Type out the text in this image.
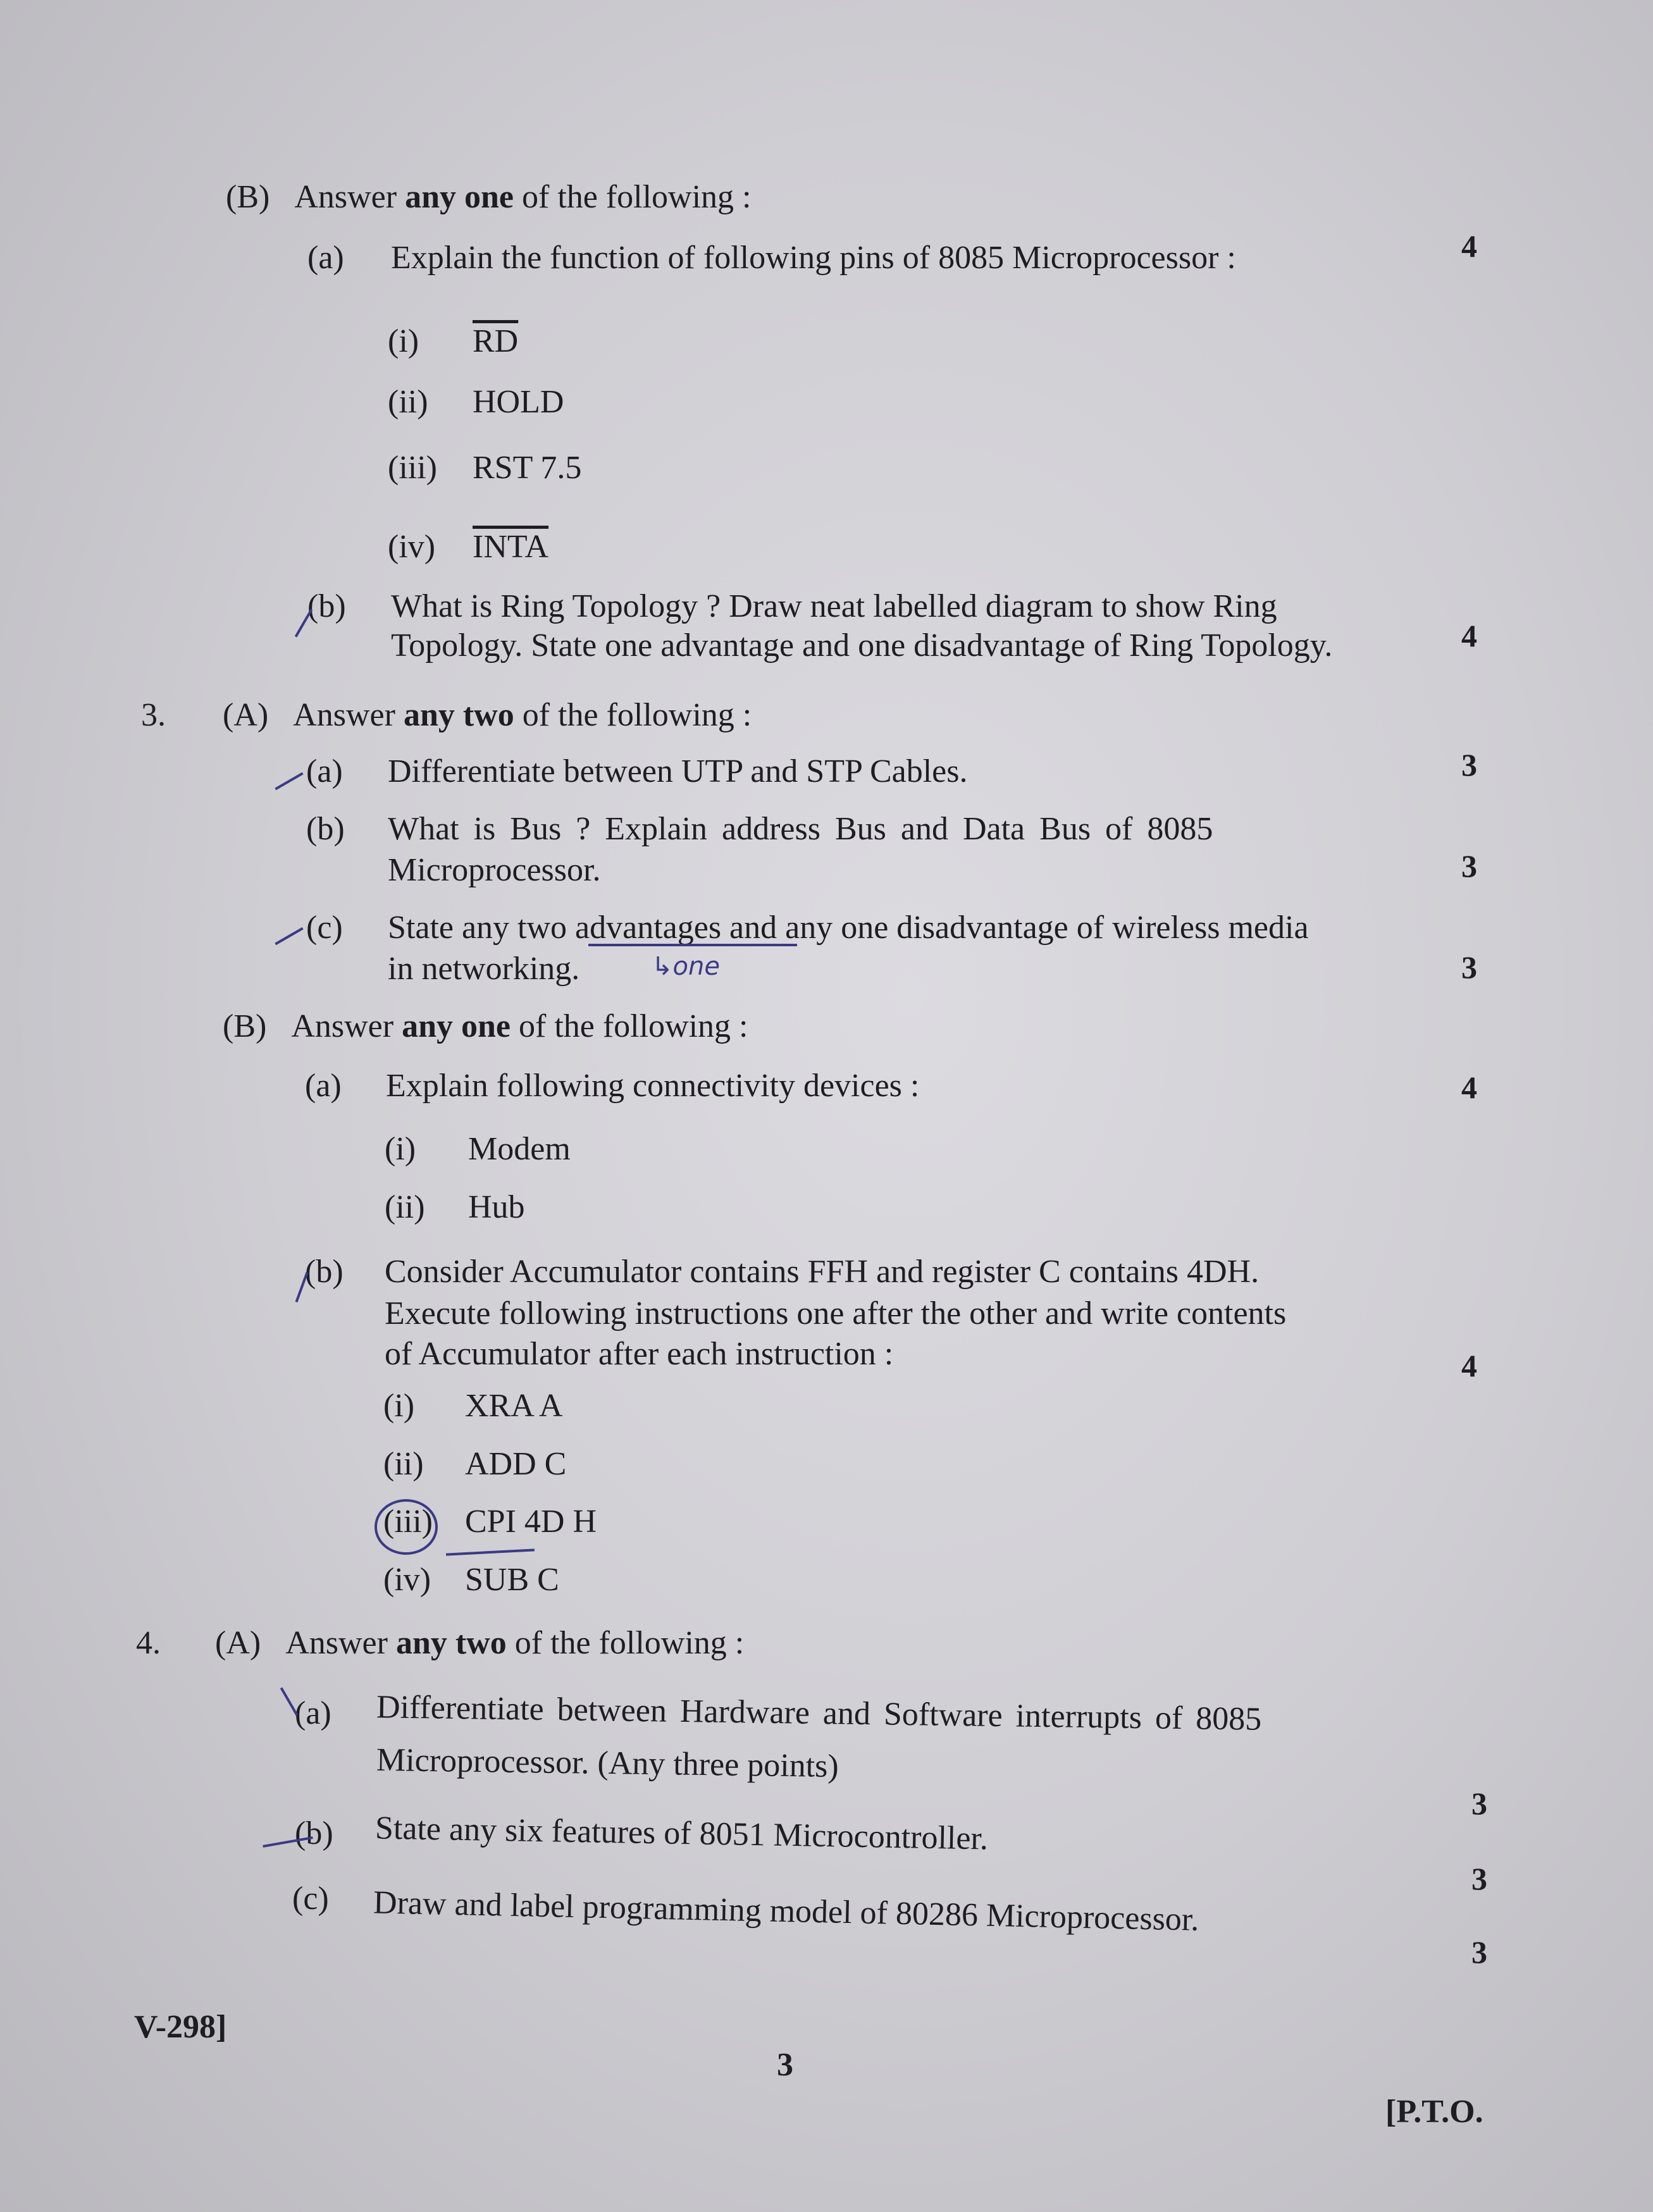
(B) Answer any one of the following :
(a) Explain the function of following pins of 8085 Microprocessor :	4
(i) $\overline{RD}$
(ii) HOLD
(iii) RST 7.5
(iv) INTA
(b) What is Ring Topology ? Draw neat labelled diagram to show Ring
Topology. State one advantage and one disadvantage of Ring Topology.	4
3. (A) Answer any two of the following :
(a) Differentiate between UTP and STP Cables.	3
(b) What is Bus ? Explain address Bus and Data Bus of 8085
Microprocessor.	3
(c) State any two advantages and any one disadvantage of wireless media
in networking.	↳one	3
(B) Answer any one of the following :
(a) Explain following connectivity devices :	4
(i) Modem
(ii) Hub
(b) Consider Accumulator contains FFH and register C contains 4DH.
Execute following instructions one after the other and write contents
of Accumulator after each instruction :	4
(i) XRA A
(ii) ADD C
(iii) CPI 4D H
(iv) SUB C
4. (A) Answer any two of the following :
(a) Differentiate between Hardware and Software interrupts of 8085
Microprocessor. (Any three points)
3
(b) State any six features of 8051 Microcontroller.
3
(c) Draw and label programming model of 80286 Microprocessor.
3
V-298]
3
[P.T.O.
